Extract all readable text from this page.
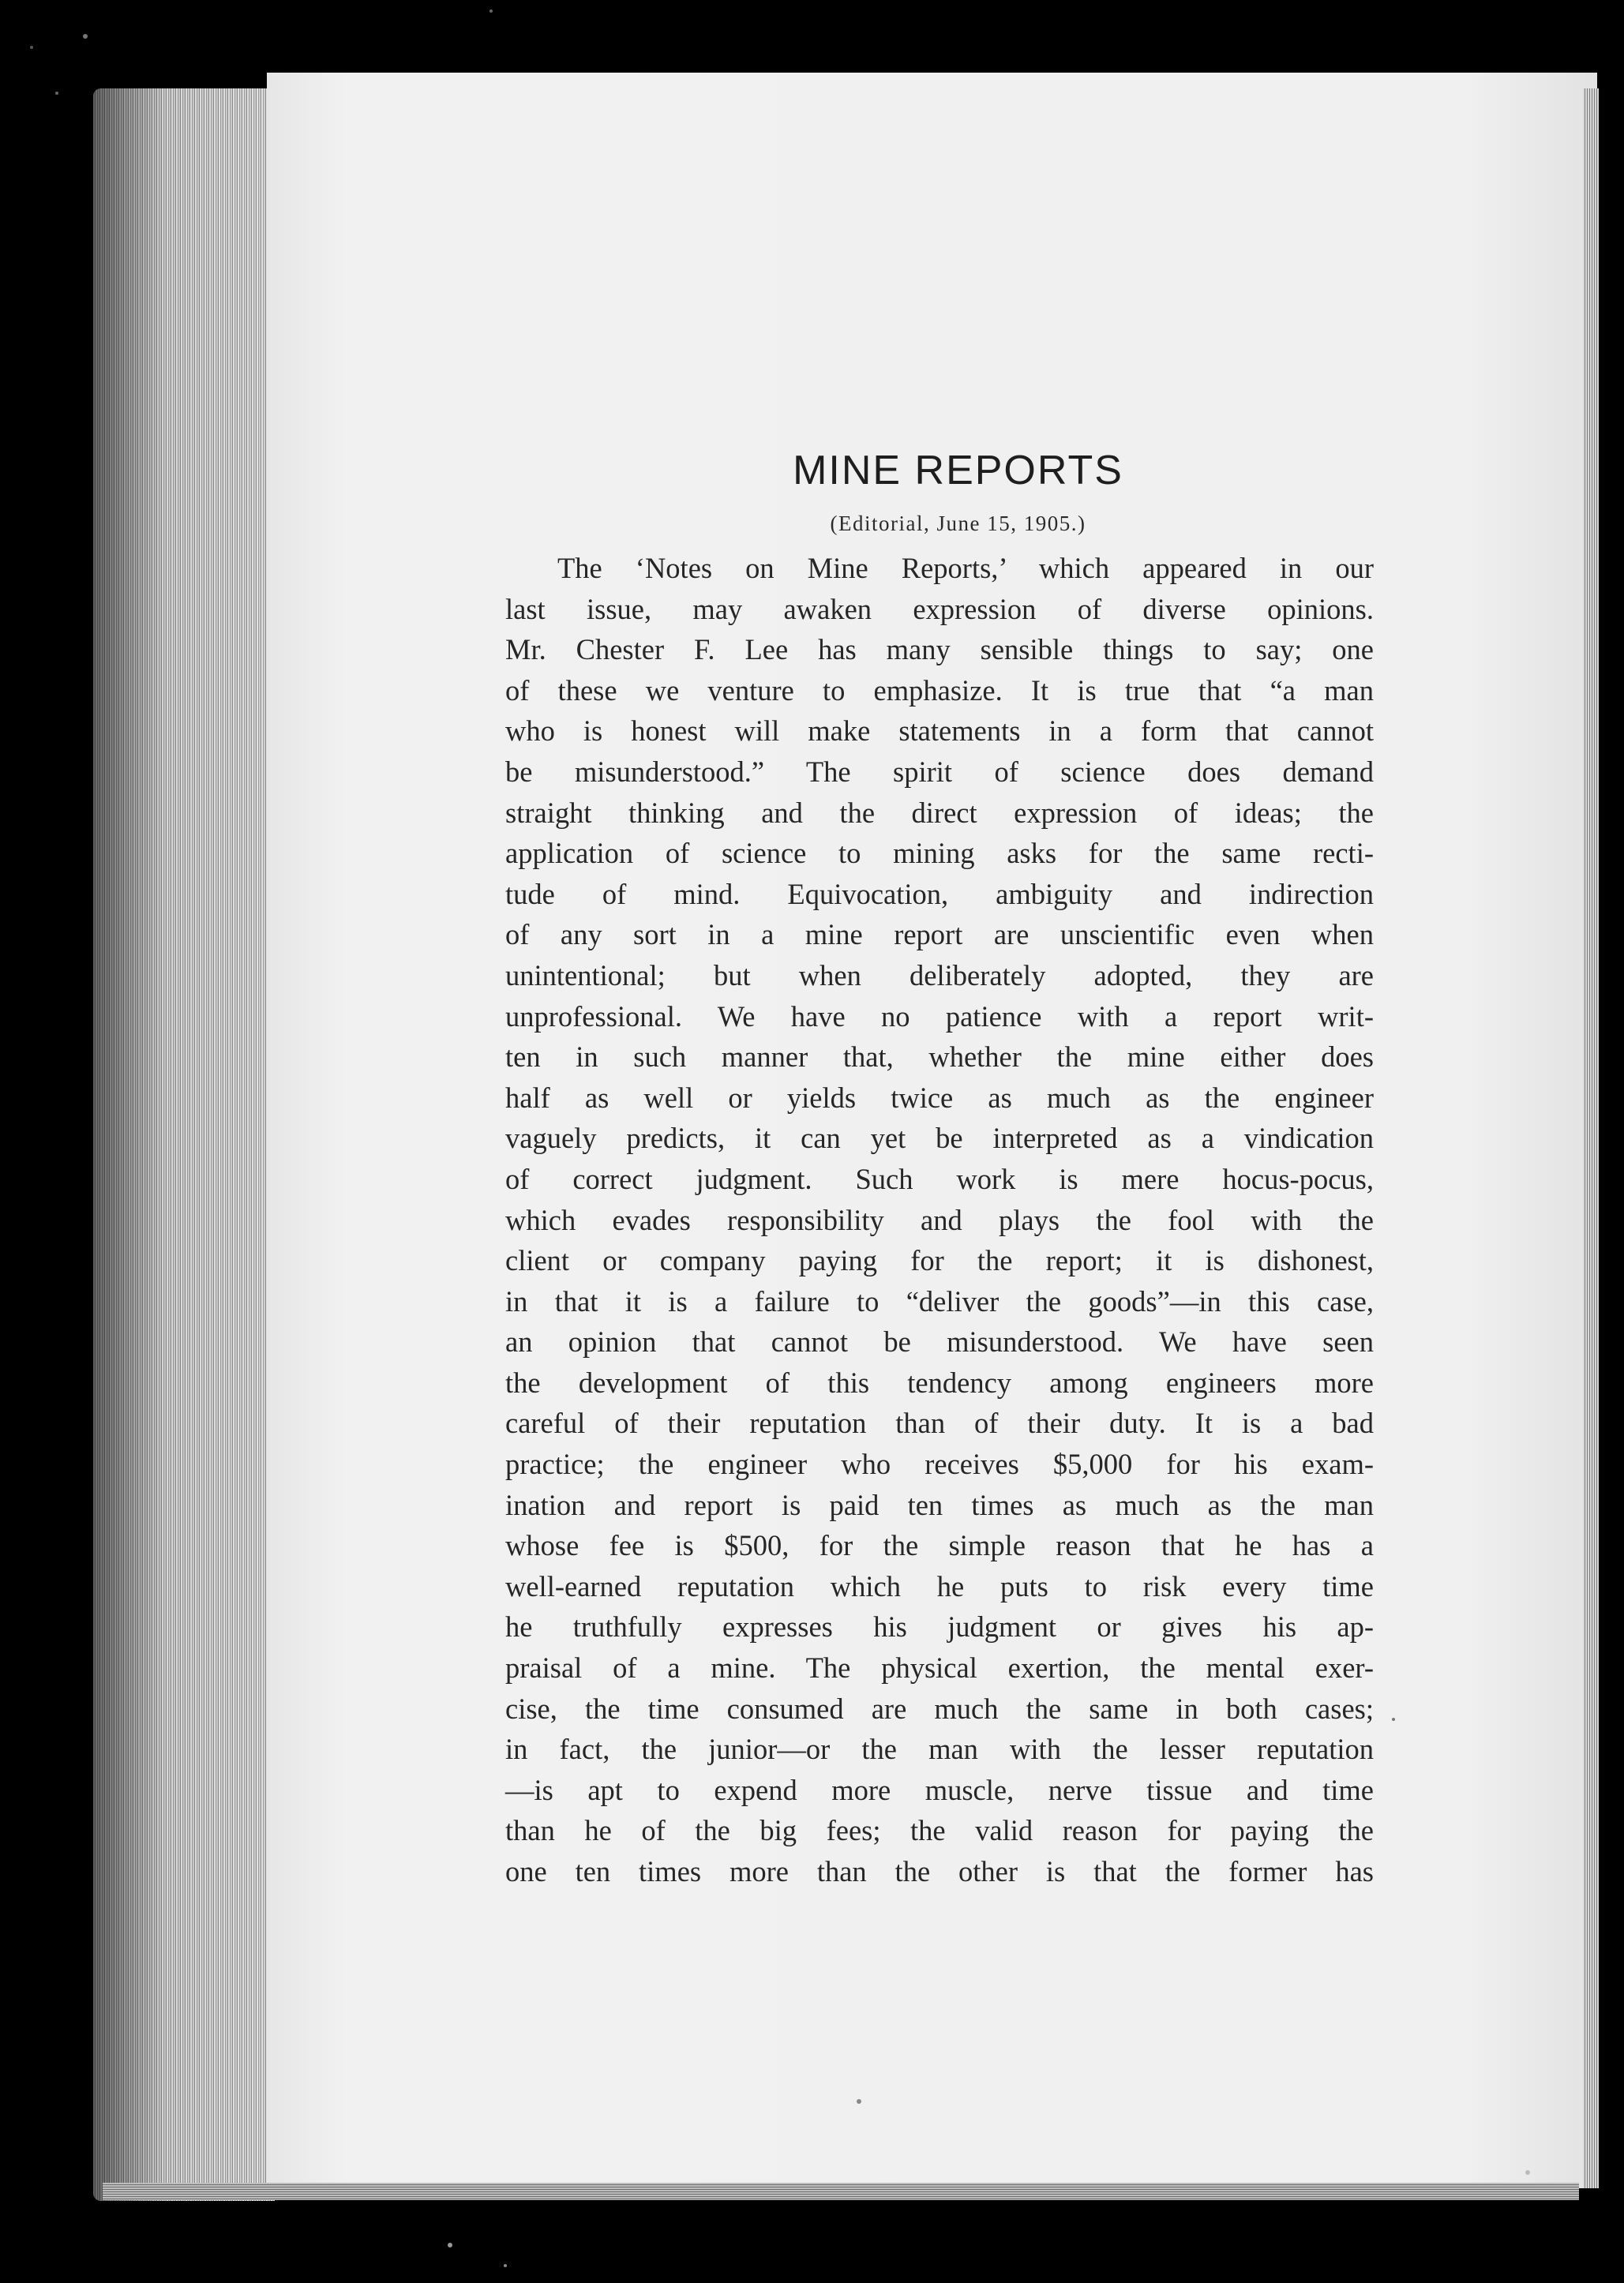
MINE REPORTS

(Editorial, June 15, 1905.)

The ‘Notes on Mine Reports,’ which appeared in our
last issue, may awaken expression of diverse opinions.
Mr. Chester F. Lee has many sensible things to say; one
of these we venture to emphasize. It is true that “a man
who is honest will make statements in a form that cannot
be misunderstood.” The spirit of science does demand
straight thinking and the direct expression of ideas; the
application of science to mining asks for the same recti-
tude of mind. Equivocation, ambiguity and indirection
of any sort in a mine report are unscientific even when
unintentional; but when deliberately adopted, they are
unprofessional. We have no patience with a report writ-
ten in such manner that, whether the mine either does
half as well or yields twice as much as the engineer
vaguely predicts, it can yet be interpreted as a vindication
of correct judgment. Such work is mere hocus-pocus,
which evades responsibility and plays the fool with the
client or company paying for the report; it is dishonest,
in that it is a failure to “deliver the goods”—in this case,
an opinion that cannot be misunderstood. We have seen
the development of this tendency among engineers more
careful of their reputation than of their duty. It is a bad
practice; the engineer who receives $5,000 for his exam-
ination and report is paid ten times as much as the man
whose fee is $500, for the simple reason that he has a
well-earned reputation which he puts to risk every time
he truthfully expresses his judgment or gives his ap-
praisal of a mine. The physical exertion, the mental exer-
cise, the time consumed are much the same in both cases;
in fact, the junior—or the man with the lesser reputation
—is apt to expend more muscle, nerve tissue and time
than he of the big fees; the valid reason for paying the
one ten times more than the other is that the former has
